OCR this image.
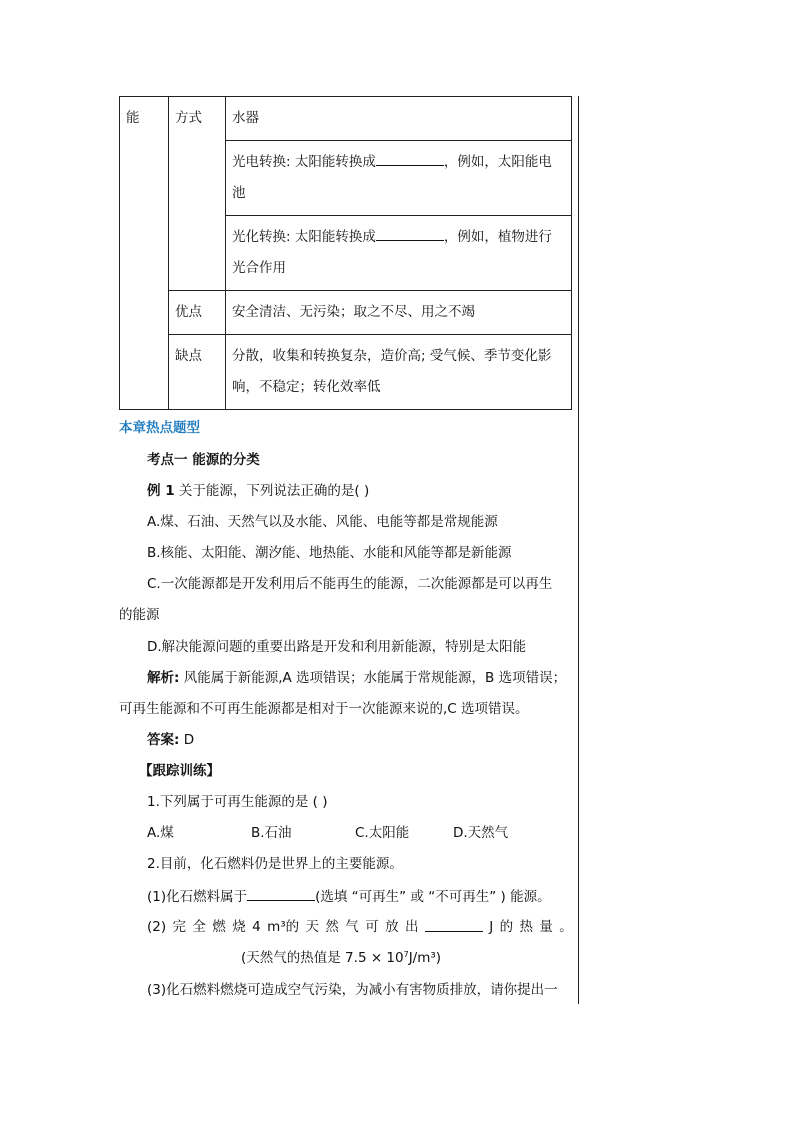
能	方式	水器
		光电转换: 太阳能转换成 ，例如，太阳能电池
		光化转换: 太阳能转换成 ，例如，植物进行光合作用
	优点	安全清洁、无污染；取之不尽、用之不竭
	缺点	分散，收集和转换复杂，造价高; 受气候、季节变化影响，不稳定；转化效率低
本章热点题型
考点一 能源的分类
例 1 关于能源，下列说法正确的是( )
A.煤、石油、天然气以及水能、风能、电能等都是常规能源
B.核能、太阳能、潮汐能、地热能、水能和风能等都是新能源
C.一次能源都是开发利用后不能再生的能源，二次能源都是可以再生
的能源
D.解决能源问题的重要出路是开发和利用新能源，特别是太阳能
解析: 风能属于新能源,A 选项错误；水能属于常规能源，B 选项错误；
可再生能源和不可再生能源都是相对于一次能源来说的,C 选项错误。
答案: D
【跟踪训练】
1.下列属于可再生能源的是 ( )
A.煤	B.石油	C.太阳能	D.天然气
2.目前，化石燃料仍是世界上的主要能源。
(1)化石燃料属于	(选填 “可再生” 或 “不可再生” ) 能源。
(2) 完 全 燃 烧 4 m³的 天 然 气 可 放 出	J 的 热 量 。
(天然气的热值是 $7.5 \times 10^7J/m^3$)
(3)化石燃料燃烧可造成空气污染，为减小有害物质排放，请你提出一
